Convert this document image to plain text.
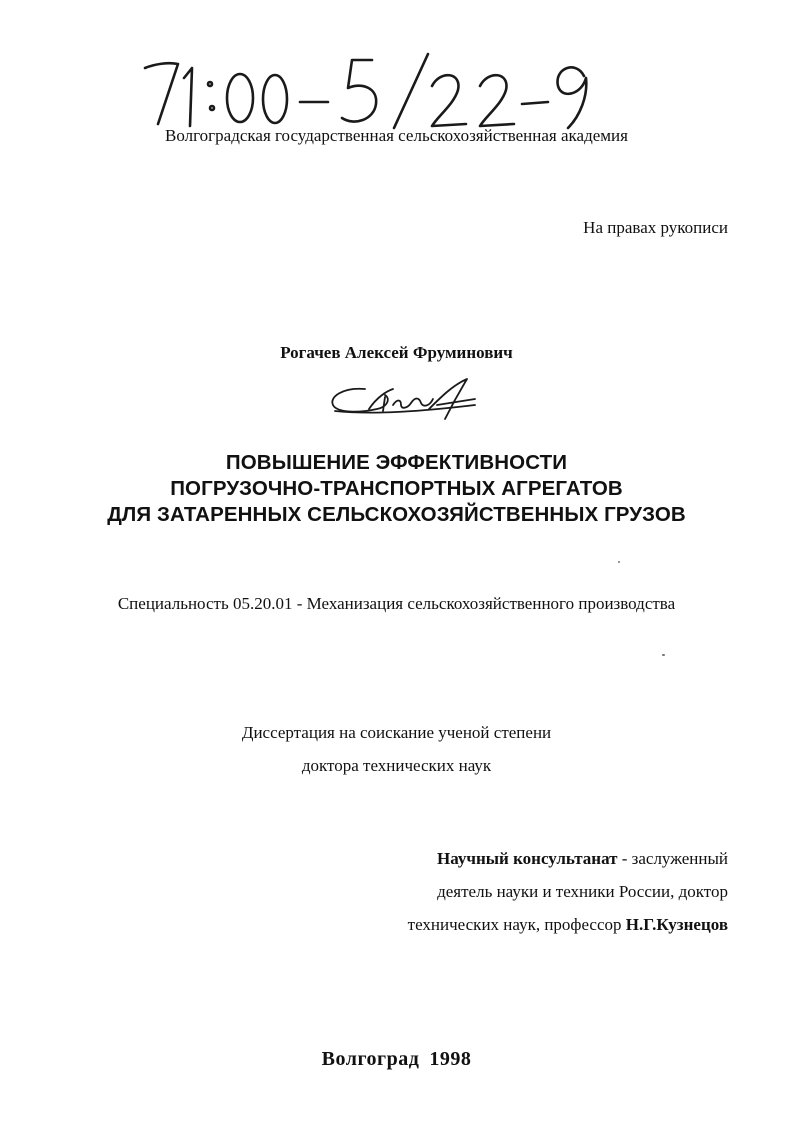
Волгоградская государственная сельскохозяйственная академия
На правах рукописи
Рогачев Алексей Фруминович
ПОВЫШЕНИЕ ЭФФЕКТИВНОСТИ
ПОГРУЗОЧНО-ТРАНСПОРТНЫХ АГРЕГАТОВ
ДЛЯ ЗАТАРЕННЫХ СЕЛЬСКОХОЗЯЙСТВЕННЫХ ГРУЗОВ
Специальность 05.20.01 - Механизация сельскохозяйственного производства
Диссертация на соискание ученой степени
доктора технических наук
Научный консультанат - заслуженный
деятель науки и техники России, доктор
технических наук, профессор Н.Г.Кузнецов
Волгоград 1998
